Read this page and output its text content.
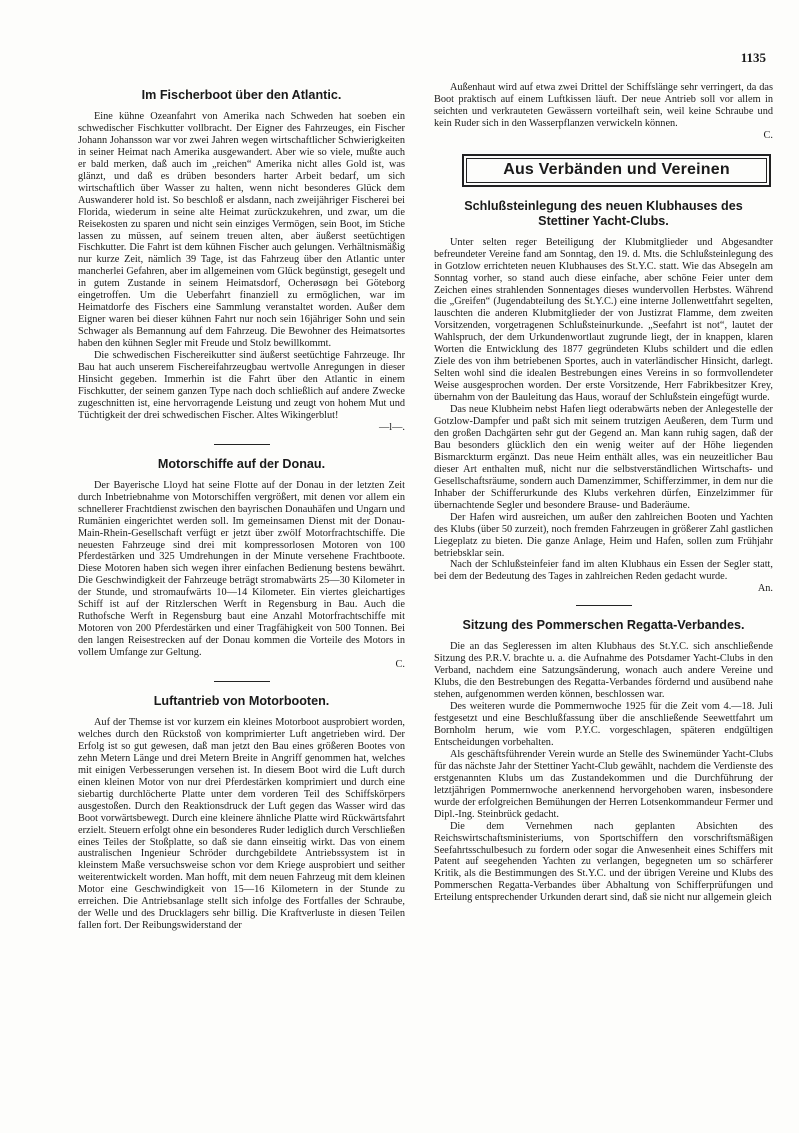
1135
Im Fischerboot über den Atlantic.

Eine kühne Ozeanfahrt von Amerika nach Schweden hat soeben ein schwedischer Fischkutter vollbracht. Der Eigner des Fahrzeuges, ein Fischer Johann Johansson war vor zwei Jahren wegen wirtschaftlicher Schwierigkeiten in seiner Heimat nach Amerika ausgewandert. Aber wie so viele, mußte auch er bald merken, daß auch im „reichen“ Amerika nicht alles Gold ist, was glänzt, und daß es drüben besonders harter Arbeit bedarf, um sich wirtschaftlich über Wasser zu halten, wenn nicht besonderes Glück dem Auswanderer hold ist. So beschloß er alsdann, nach zweijähriger Fischerei bei Florida, wiederum in seine alte Heimat zurückzukehren, und zwar, um die Reisekosten zu sparen und nicht sein einziges Vermögen, sein Boot, im Stiche lassen zu müssen, auf seinem treuen alten, aber äußerst seetüchtigen Fischkutter. Die Fahrt ist dem kühnen Fischer auch gelungen. Verhältnismäßig nur kurze Zeit, nämlich 39 Tage, ist das Fahrzeug über den Atlantic unter mancherlei Gefahren, aber im allgemeinen vom Glück begünstigt, gesegelt und in gutem Zustande in seinem Heimatsdorf, Ocherøsøgn bei Göteborg eingetroffen. Um die Ueberfahrt finanziell zu ermöglichen, war im Heimatdorfe des Fischers eine Sammlung veranstaltet worden. Außer dem Eigner waren bei dieser kühnen Fahrt nur noch sein 16jähriger Sohn und sein Schwager als Bemannung auf dem Fahrzeug. Die Bewohner des Heimatsortes haben den kühnen Segler mit Freude und Stolz bewillkommt.

Die schwedischen Fischereikutter sind äußerst seetüchtige Fahrzeuge. Ihr Bau hat auch unserem Fischereifahrzeugbau wertvolle Anregungen in dieser Hinsicht gegeben. Immerhin ist die Fahrt über den Atlantic in einem Fischkutter, der seinem ganzen Type nach doch schließlich auf andere Zwecke zugeschnitten ist, eine hervorragende Leistung und zeugt von hohem Mut und Tüchtigkeit der drei schwedischen Fischer. Altes Wikingerblut!

—l—.
Motorschiffe auf der Donau.

Der Bayerische Lloyd hat seine Flotte auf der Donau in der letzten Zeit durch Inbetriebnahme von Motorschiffen vergrößert, mit denen vor allem ein schnellerer Frachtdienst zwischen den bayrischen Donauhäfen und Ungarn und Rumänien eingerichtet werden soll. Im gemeinsamen Dienst mit der Donau-Main-Rhein-Gesellschaft verfügt er jetzt über zwölf Motorfrachtschiffe. Die neuesten Fahrzeuge sind drei mit kompressorlosen Motoren von 100 Pferdestärken und 325 Umdrehungen in der Minute versehene Frachtboote. Diese Motoren haben sich wegen ihrer einfachen Bedienung bestens bewährt. Die Geschwindigkeit der Fahrzeuge beträgt stromabwärts 25—30 Kilometer in der Stunde, und stromaufwärts 10—14 Kilometer. Ein viertes gleichartiges Schiff ist auf der Ritzlerschen Werft in Regensburg in Bau. Auch die Ruthofsche Werft in Regensburg baut eine Anzahl Motorfrachtschiffe mit Motoren von 200 Pferdestärken und einer Tragfähigkeit von 500 Tonnen. Bei den langen Reisestrecken auf der Donau kommen die Vorteile des Motors in vollem Umfange zur Geltung.

C.
Luftantrieb von Motorbooten.

Auf der Themse ist vor kurzem ein kleines Motorboot ausprobiert worden, welches durch den Rückstoß von komprimierter Luft angetrieben wird. Der Erfolg ist so gut gewesen, daß man jetzt den Bau eines größeren Bootes von zehn Metern Länge und drei Metern Breite in Angriff genommen hat, welches mit einigen Verbesserungen versehen ist. In diesem Boot wird die Luft durch einen kleinen Motor von nur drei Pferdestärken komprimiert und durch eine siebartig durchlöcherte Platte unter dem vorderen Teil des Schiffskörpers ausgestoßen. Durch den Reaktionsdruck der Luft gegen das Wasser wird das Boot vorwärtsbewegt. Durch eine kleinere ähnliche Platte wird Rückwärtsfahrt erzielt. Steuern erfolgt ohne ein besonderes Ruder lediglich durch Verschließen eines Teiles der Stoßplatte, so daß sie dann einseitig wirkt. Das von einem australischen Ingenieur Schröder durchgebildete Antriebssystem ist in kleinstem Maße versuchsweise schon vor dem Kriege ausprobiert und seither weiterentwickelt worden. Man hofft, mit dem neuen Fahrzeug mit dem kleinen Motor eine Geschwindigkeit von 15—16 Kilometern in der Stunde zu erreichen. Die Antriebsanlage stellt sich infolge des Fortfalles der Schraube, der Welle und des Drucklagers sehr billig. Die Kraftverluste in diesen Teilen fallen fort. Der Reibungswiderstand der

Außenhaut wird auf etwa zwei Drittel der Schiffslänge sehr verringert, da das Boot praktisch auf einem Luftkissen läuft. Der neue Antrieb soll vor allem in seichten und verkrauteten Gewässern vorteilhaft sein, weil keine Schraube und kein Ruder sich in den Wasserpflanzen verwickeln können.

C.
Aus Verbänden und Vereinen
Schlußsteinlegung des neuen Klubhauses des
Stettiner Yacht-Clubs.

Unter selten reger Beteiligung der Klubmitglieder und Abgesandter befreundeter Vereine fand am Sonntag, den 19. d. Mts. die Schlußsteinlegung des in Gotzlow errichteten neuen Klubhauses des St.Y.C. statt. Wie das Absegeln am Sonntag vorher, so stand auch diese einfache, aber schöne Feier unter dem Zeichen eines strahlenden Sonnentages dieses wundervollen Herbstes. Während die „Greifen“ (Jugendabteilung des St.Y.C.) eine interne Jollenwettfahrt segelten, lauschten die anderen Klubmitglieder der von Justizrat Flamme, dem zweiten Vorsitzenden, vorgetragenen Schlußsteinurkunde. „Seefahrt ist not“, lautet der Wahlspruch, der dem Urkundenwortlaut zugrunde liegt, der in knappen, klaren Worten die Entwicklung des 1877 gegründeten Klubs schildert und die edlen Ziele des von ihm betriebenen Sportes, auch in vaterländischer Hinsicht, darlegt. Selten wohl sind die idealen Bestrebungen eines Vereins in so formvollendeter Weise ausgesprochen worden. Der erste Vorsitzende, Herr Fabrikbesitzer Krey, übernahm von der Bauleitung das Haus, worauf der Schlußstein eingefügt wurde.

Das neue Klubheim nebst Hafen liegt oderabwärts neben der Anlegestelle der Gotzlow-Dampfer und paßt sich mit seinem trutzigen Aeußeren, dem Turm und den großen Dachgärten sehr gut der Gegend an. Man kann ruhig sagen, daß der Bau besonders glücklich den ein wenig weiter auf der Höhe liegenden Bismarckturm ergänzt. Das neue Heim enthält alles, was ein neuzeitlicher Bau dieser Art enthalten muß, nicht nur die selbstverständlichen Wirtschafts- und Gesellschaftsräume, sondern auch Damenzimmer, Schifferzimmer, in dem nur die Inhaber der Schifferurkunde des Klubs verkehren dürfen, Einzelzimmer für übernachtende Segler und besondere Brause- und Baderäume.

Der Hafen wird ausreichen, um außer den zahlreichen Booten und Yachten des Klubs (über 50 zurzeit), noch fremden Fahrzeugen in größerer Zahl gastlichen Liegeplatz zu bieten. Die ganze Anlage, Heim und Hafen, sollen zum Frühjahr betriebsklar sein.

Nach der Schlußsteinfeier fand im alten Klubhaus ein Essen der Segler statt, bei dem der Bedeutung des Tages in zahlreichen Reden gedacht wurde.

An.
Sitzung des Pommerschen Regatta-Verbandes.

Die an das Segleressen im alten Klubhaus des St.Y.C. sich anschließende Sitzung des P.R.V. brachte u. a. die Aufnahme des Potsdamer Yacht-Clubs in den Verband, nachdem eine Satzungsänderung, wonach auch andere Vereine und Klubs, die den Bestrebungen des Regatta-Verbandes fördernd und ausübend nahe stehen, aufgenommen werden können, beschlossen war.

Des weiteren wurde die Pommernwoche 1925 für die Zeit vom 4.—18. Juli festgesetzt und eine Beschlußfassung über die anschließende Seewettfahrt um Bornholm herum, wie vom P.Y.C. vorgeschlagen, späteren endgültigen Entscheidungen vorbehalten.

Als geschäftsführender Verein wurde an Stelle des Swinemünder Yacht-Clubs für das nächste Jahr der Stettiner Yacht-Club gewählt, nachdem die Verdienste des erstgenannten Klubs um das Zustandekommen und die Durchführung der letztjährigen Pommernwoche anerkennend hervorgehoben waren, insbesondere wurde der erfolgreichen Bemühungen der Herren Lotsenkommandeur Fermer und Dipl.-Ing. Steinbrück gedacht.

Die dem Vernehmen nach geplanten Absichten des Reichswirtschaftsministeriums, von Sportschiffern den vorschriftsmäßigen Seefahrtsschulbesuch zu fordern oder sogar die Anwesenheit eines Schiffers mit Patent auf seegehenden Yachten zu verlangen, begegneten um so schärferer Kritik, als die Bestimmungen des St.Y.C. und der übrigen Vereine und Klubs des Pommerschen Regatta-Verbandes über Abhaltung von Schifferprüfungen und Erteilung entsprechender Urkunden derart sind, daß sie nicht nur allgemein gleich
